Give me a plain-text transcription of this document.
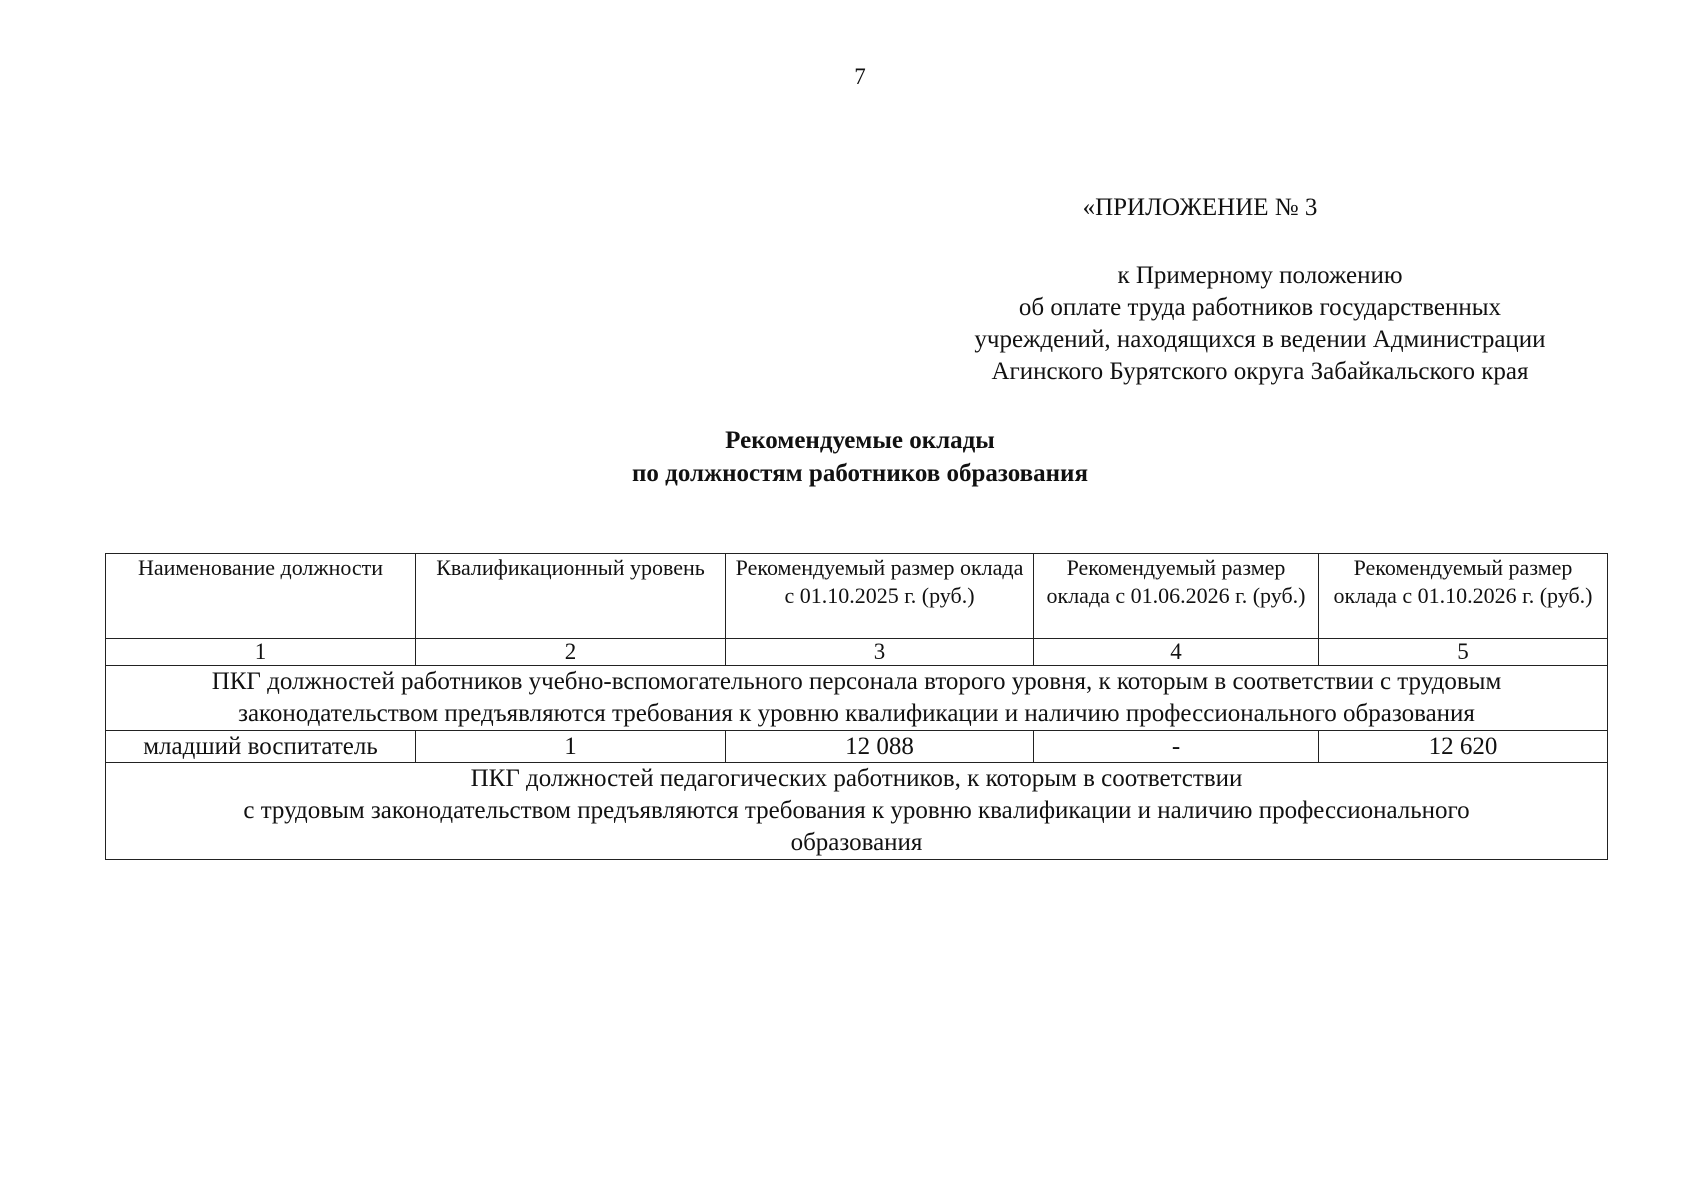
7
«ПРИЛОЖЕНИЕ № 3
к Примерному положению
об оплате труда работников государственных
учреждений, находящихся в ведении Администрации
Агинского Бурятского округа Забайкальского края
Рекомендуемые оклады
по должностям работников образования
Наименование должности	Квалификационный уровень	Рекомендуемый размер оклада с 01.10.2025 г. (руб.)	Рекомендуемый размер оклада с 01.06.2026 г. (руб.)	Рекомендуемый размер оклада с 01.10.2026 г. (руб.)
1	2	3	4	5

ПКГ должностей работников учебно-вспомогательного персонала второго уровня, к которым в соответствии с трудовым
законодательством предъявляются требования к уровню квалификации и наличию профессионального образования				

младший воспитатель	1	12 088	-	12 620

ПКГ должностей педагогических работников, к которым в соответствии
с трудовым законодательством предъявляются требования к уровню квалификации и наличию профессионального
образования				
